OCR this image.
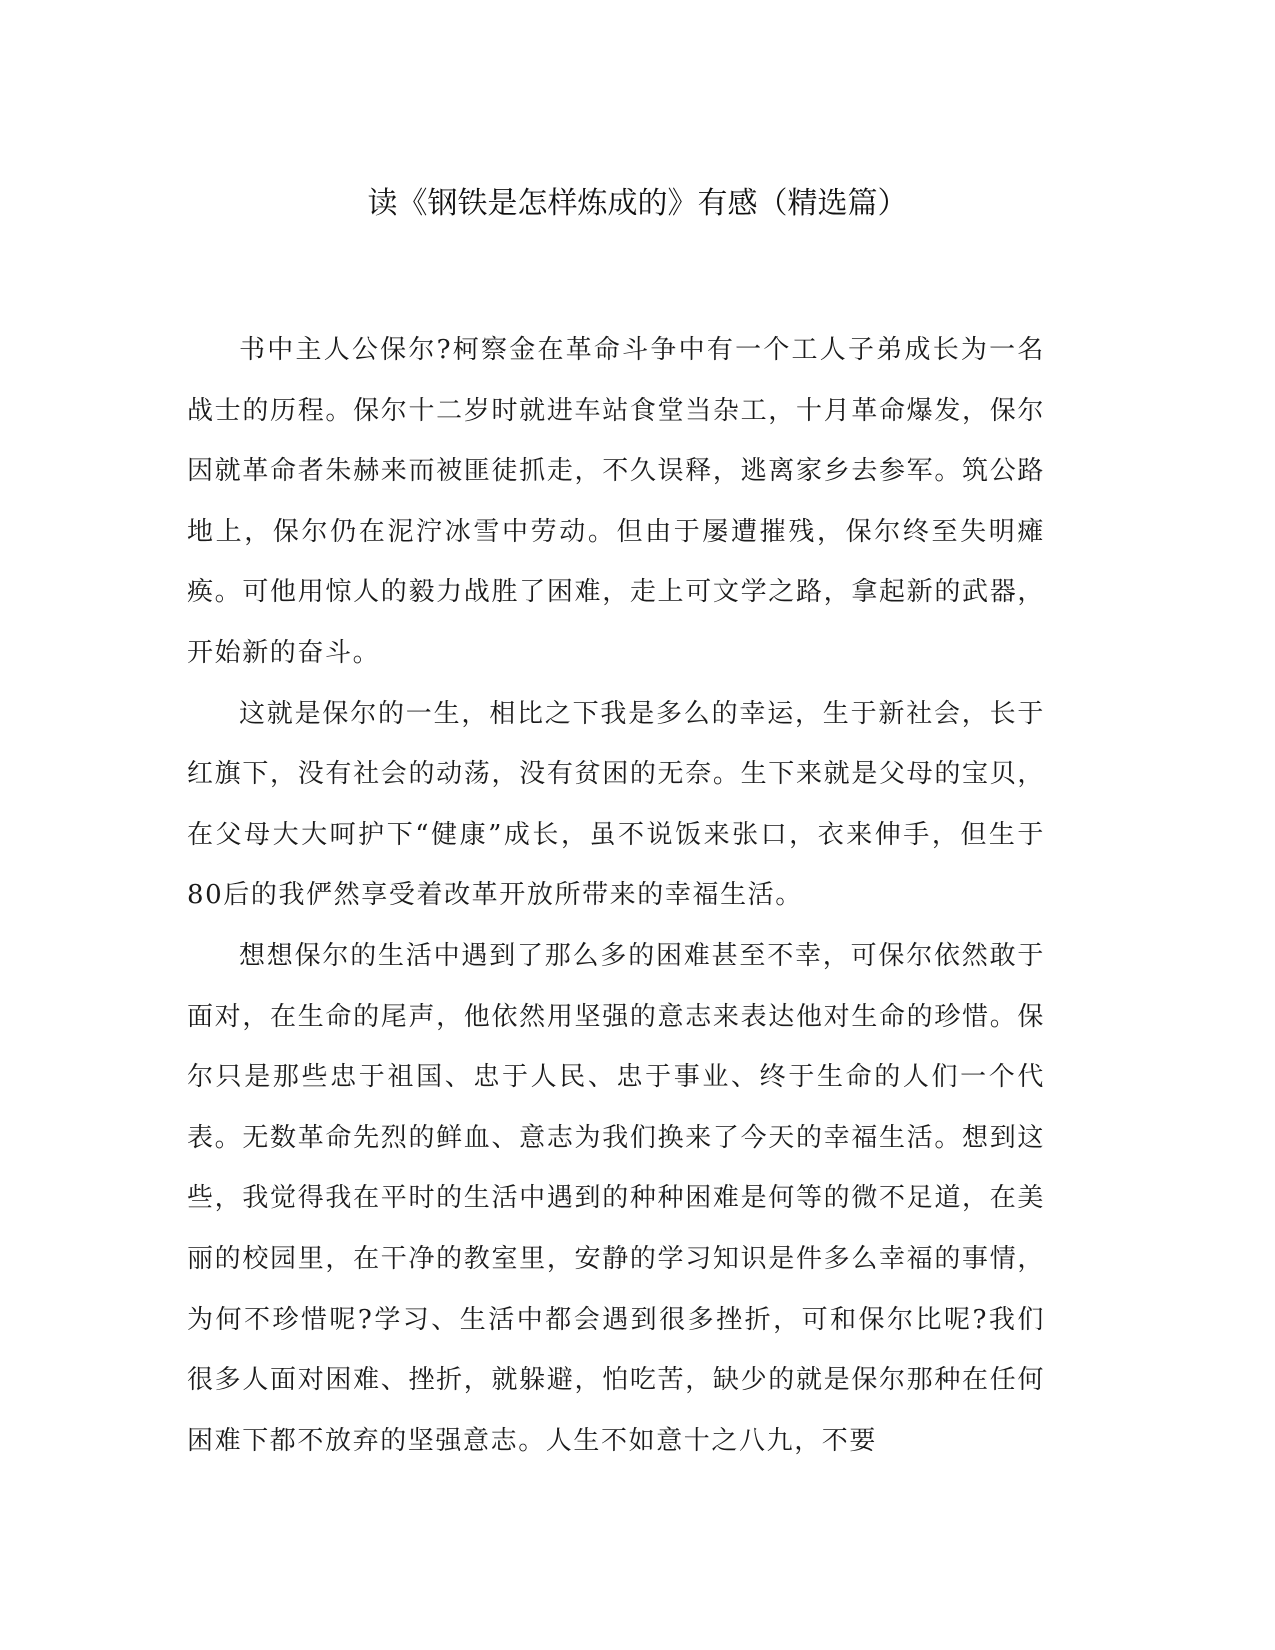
读《钢铁是怎样炼成的》有感（精选篇）

书中主人公保尔?柯察金在革命斗争中有一个工人子弟成长为一名战士的历程。保尔十二岁时就进车站食堂当杂工，十月革命爆发，保尔因就革命者朱赫来而被匪徒抓走，不久误释，逃离家乡去参军。筑公路地上，保尔仍在泥泞冰雪中劳动。但由于屡遭摧残，保尔终至失明瘫痪。可他用惊人的毅力战胜了困难，走上可文学之路，拿起新的武器，开始新的奋斗。

这就是保尔的一生，相比之下我是多么的幸运，生于新社会，长于红旗下，没有社会的动荡，没有贫困的无奈。生下来就是父母的宝贝，在父母大大呵护下“健康”成长，虽不说饭来张口，衣来伸手，但生于80后的我俨然享受着改革开放所带来的幸福生活。

想想保尔的生活中遇到了那么多的困难甚至不幸，可保尔依然敢于面对，在生命的尾声，他依然用坚强的意志来表达他对生命的珍惜。保尔只是那些忠于祖国、忠于人民、忠于事业、终于生命的人们一个代表。无数革命先烈的鲜血、意志为我们换来了今天的幸福生活。想到这些，我觉得我在平时的生活中遇到的种种困难是何等的微不足道，在美丽的校园里，在干净的教室里，安静的学习知识是件多么幸福的事情，为何不珍惜呢?学习、生活中都会遇到很多挫折，可和保尔比呢?我们很多人面对困难、挫折，就躲避，怕吃苦，缺少的就是保尔那种在任何困难下都不放弃的坚强意志。人生不如意十之八九，不要
